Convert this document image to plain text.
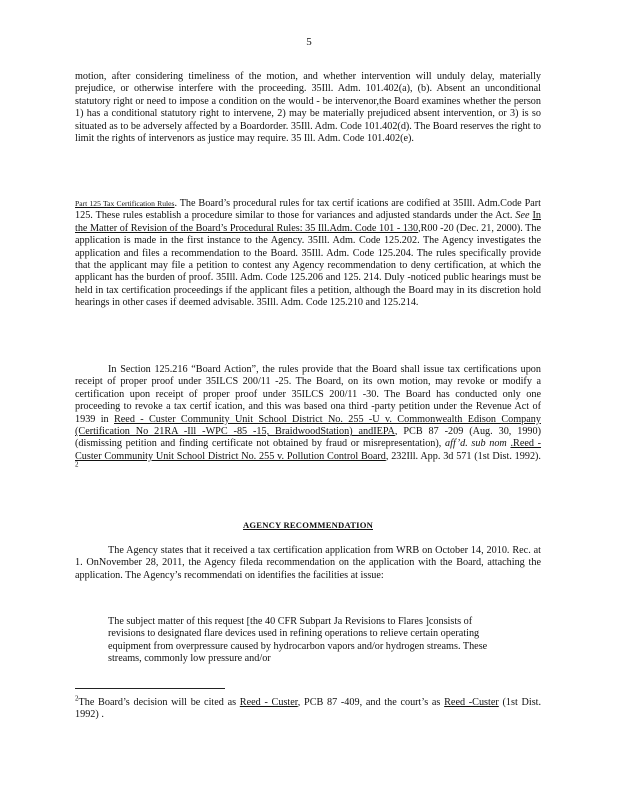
5

motion, after considering timeliness of the motion, and whether intervention will unduly delay, materially prejudice, or otherwise interfere with the proceeding. 35Ill. Adm. 101.402(a), (b). Absent an unconditional statutory right or need to impose a condition on the would - be intervenor,the Board examines whether the person 1) has a conditional statutory right to intervene, 2) may be materially prejudiced absent intervention, or 3) is so situated as to be adversely affected by a Boardorder. 35Ill. Adm. Code 101.402(d). The Board reserves the right to limit the rights of intervenors as justice may require. 35 Ill. Adm. Code 101.402(e).

Part 125 Tax Certification Rules. The Board’s procedural rules for tax certif ications are codified at 35Ill. Adm.Code Part 125. These rules establish a procedure similar to those for variances and adjusted standards under the Act. See In the Matter of Revision of the Board’s Procedural Rules: 35 Ill.Adm. Code 101 - 130,R00 -20 (Dec. 21, 2000). The application is made in the first instance to the Agency. 35Ill. Adm. Code 125.202. The Agency investigates the application and files a recommendation to the Board. 35Ill. Adm. Code 125.204. The rules specifically provide that the applicant may file a petition to contest any Agency recommendation to deny certification, at which the applicant has the burden of proof. 35Ill. Adm. Code 125.206 and 125. 214. Duly -noticed public hearings must be held in tax certification proceedings if the applicant files a petition, although the Board may in its discretion hold hearings in other cases if deemed advisable. 35Ill. Adm. Code 125.210 and 125.214.

In Section 125.216 “Board Action”, the rules provide that the Board shall issue tax certifications upon receipt of proper proof under 35ILCS 200/11 -25. The Board, on its own motion, may revoke or modify a certification upon receipt of proper proof under 35ILCS 200/11 -30. The Board has conducted only one proceeding to revoke a tax certif ication, and this was based ona third -party petition under the Revenue Act of 1939 in Reed - Custer Community Unit School District No. 255 -U v. Commonwealth Edison Company (Certification No 21RA -Ill -WPC -85 -15, BraidwoodStation) andIEPA, PCB 87 -209 (Aug. 30, 1990) (dismissing petition and finding certificate not obtained by fraud or misrepresentation), aff’d. sub nom .Reed - Custer Community Unit School District No. 255 v. Pollution Control Board, 232Ill. App. 3d 571 (1st Dist. 1992). $^2$

AGENCY RECOMMENDATION

The Agency states that it received a tax certification application from WRB on October 14, 2010. Rec. at 1. OnNovember 28, 2011, the Agency fileda recommendation on the application with the Board, attaching the application. The Agency’s recommendati on identifies the facilities at issue:

The subject matter of this request [the 40 CFR Subpart Ja Revisions to Flares ]consists of revisions to designated flare devices used in refining operations to relieve certain operating equipment from overpressure caused by hydrocarbon vapors and/or hydrogen streams. These streams, commonly low pressure and/or

$^2$The Board’s decision will be cited as Reed - Custer, PCB 87 -409, and the court’s as Reed -Custer (1st Dist. 1992) .
